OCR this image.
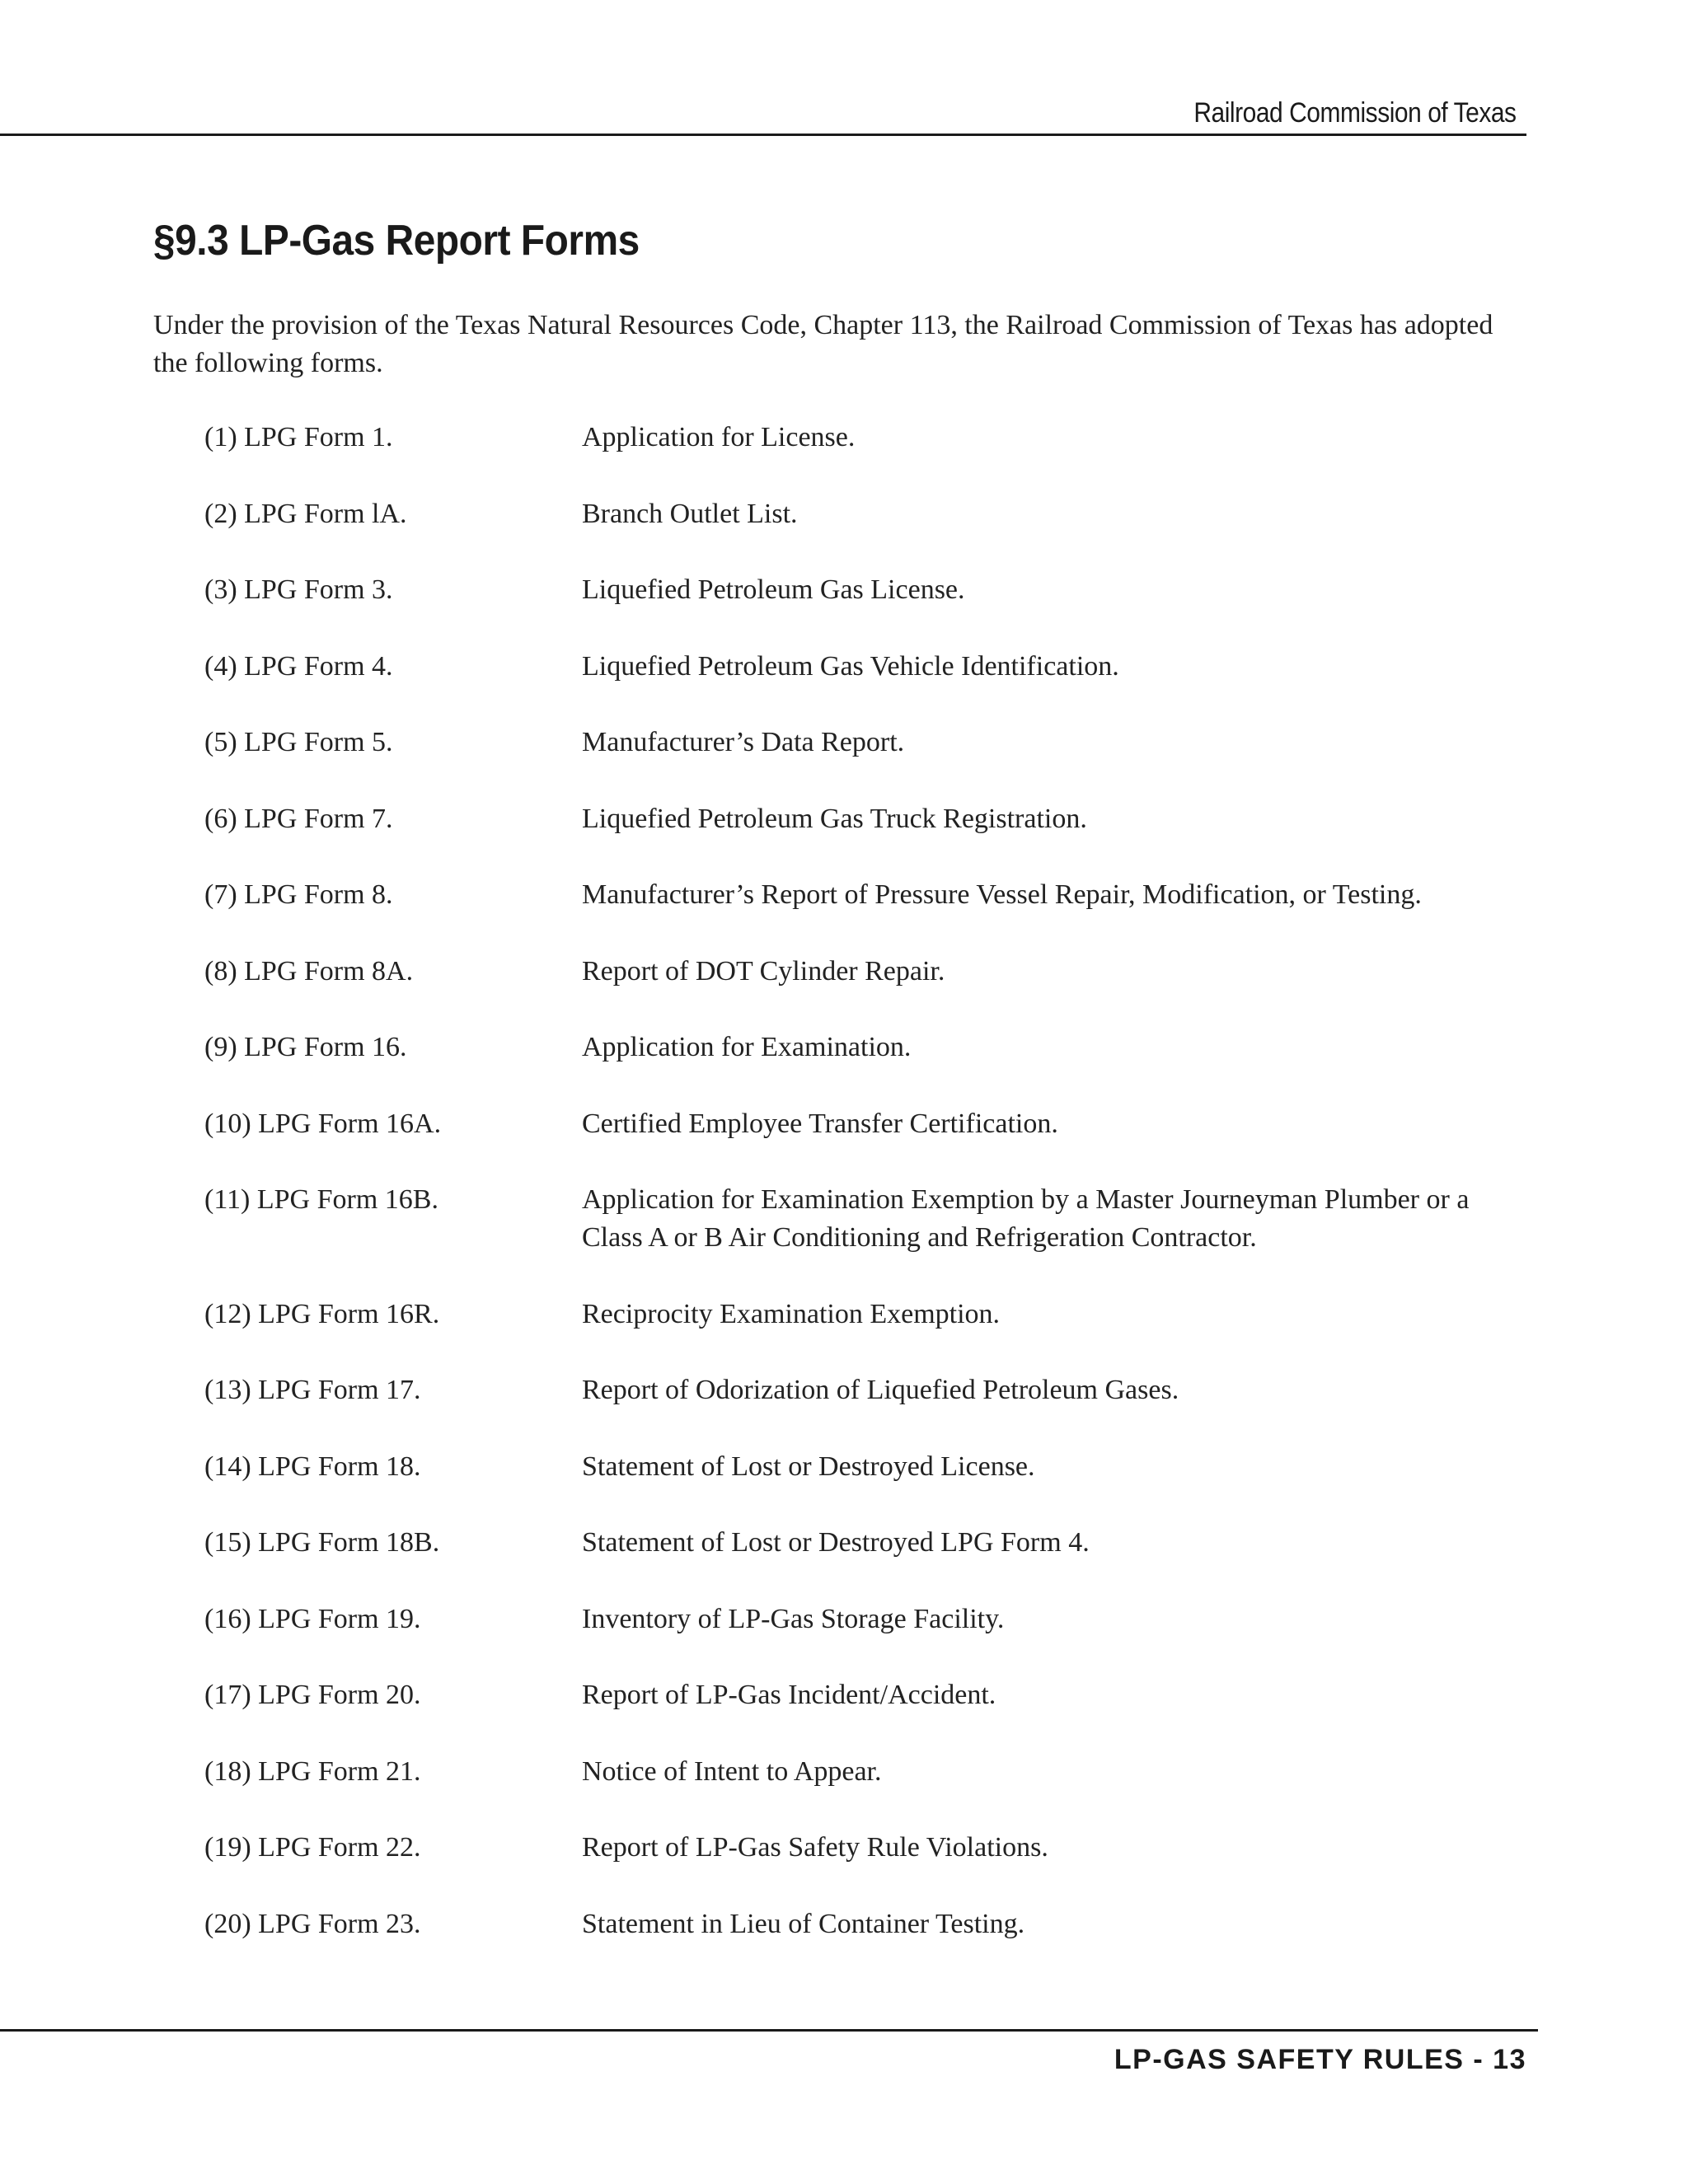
Railroad Commission of Texas
§9.3 LP-Gas Report Forms

Under the provision of the Texas Natural Resources Code, Chapter 113, the Railroad Commission of Texas has adopted the following forms.

(1) LPG Form 1.	Application for License.
(2) LPG Form lA.	Branch Outlet List.
(3) LPG Form 3.	Liquefied Petroleum Gas License.
(4) LPG Form 4.	Liquefied Petroleum Gas Vehicle Identification.
(5) LPG Form 5.	Manufacturer’s Data Report.
(6) LPG Form 7.	Liquefied Petroleum Gas Truck Registration.
(7) LPG Form 8.	Manufacturer’s Report of Pressure Vessel Repair, Modification, or Testing.
(8) LPG Form 8A.	Report of DOT Cylinder Repair.
(9) LPG Form 16.	Application for Examination.
(10) LPG Form 16A.	Certified Employee Transfer Certification.
(11) LPG Form 16B.	Application for Examination Exemption by a Master Journeyman Plumber or a Class A or B Air Conditioning and Refrigeration Contractor.
(12) LPG Form 16R.	Reciprocity Examination Exemption.
(13) LPG Form 17.	Report of Odorization of Liquefied Petroleum Gases.
(14) LPG Form 18.	Statement of Lost or Destroyed License.
(15) LPG Form 18B.	Statement of Lost or Destroyed LPG Form 4.
(16) LPG Form 19.	Inventory of LP-Gas Storage Facility.
(17) LPG Form 20.	Report of LP-Gas Incident/Accident.
(18) LPG Form 21.	Notice of Intent to Appear.
(19) LPG Form 22.	Report of LP-Gas Safety Rule Violations.
(20) LPG Form 23.	Statement in Lieu of Container Testing.
LP-GAS SAFETY RULES - 13
